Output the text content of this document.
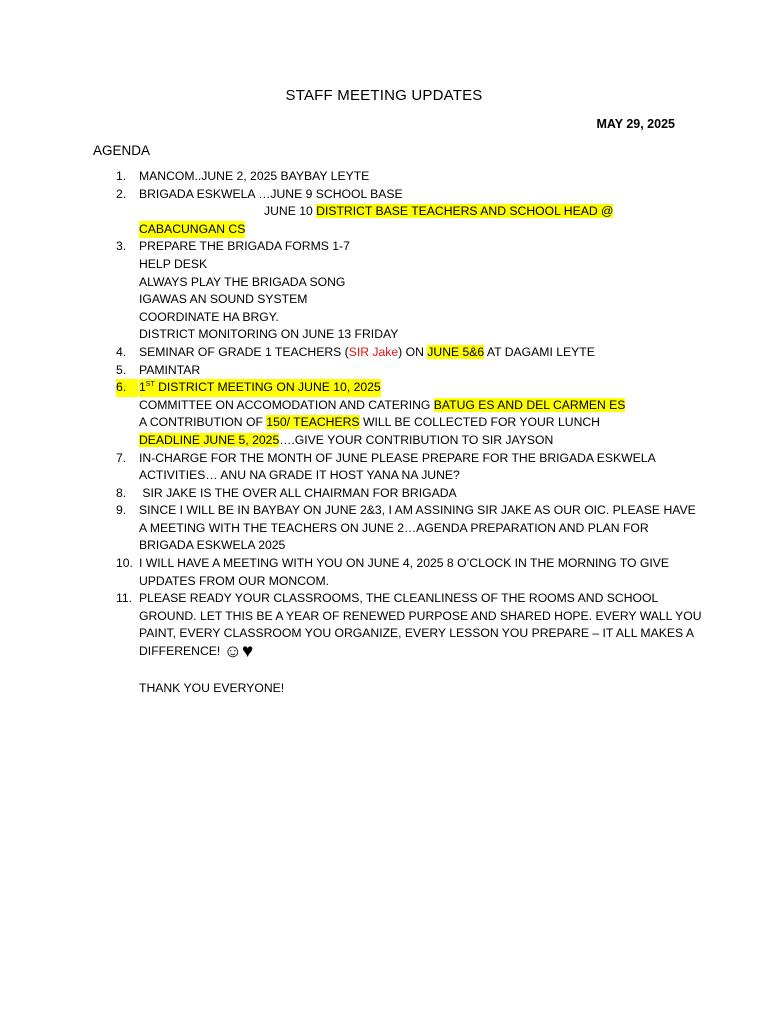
STAFF MEETING UPDATES
MAY 29, 2025
AGENDA
1. MANCOM..JUNE 2, 2025 BAYBAY LEYTE
2. BRIGADA ESKWELA …JUNE 9 SCHOOL BASE
JUNE 10 DISTRICT BASE TEACHERS AND SCHOOL HEAD @
CABACUNGAN CS
3. PREPARE THE BRIGADA FORMS 1-7
HELP DESK
ALWAYS PLAY THE BRIGADA SONG
IGAWAS AN SOUND SYSTEM
COORDINATE HA BRGY.
DISTRICT MONITORING ON JUNE 13 FRIDAY
4. SEMINAR OF GRADE 1 TEACHERS (SIR Jake) ON JUNE 5&6 AT DAGAMI LEYTE
5. PAMINTAR
6.	1ST DISTRICT MEETING ON JUNE 10, 2025
COMMITTEE ON ACCOMODATION AND CATERING BATUG ES AND DEL CARMEN ES
A CONTRIBUTION OF 150/ TEACHERS WILL BE COLLECTED FOR YOUR LUNCH
DEADLINE JUNE 5, 2025….GIVE YOUR CONTRIBUTION TO SIR JAYSON
7. IN-CHARGE FOR THE MONTH OF JUNE PLEASE PREPARE FOR THE BRIGADA ESKWELA
ACTIVITIES… ANU NA GRADE IT HOST YANA NA JUNE?
8. SIR JAKE IS THE OVER ALL CHAIRMAN FOR BRIGADA
9. SINCE I WILL BE IN BAYBAY ON JUNE 2&3, I AM ASSINING SIR JAKE AS OUR OIC. PLEASE HAVE
A MEETING WITH THE TEACHERS ON JUNE 2…AGENDA PREPARATION AND PLAN FOR
BRIGADA ESKWELA 2025
10. I WILL HAVE A MEETING WITH YOU ON JUNE 4, 2025 8 O’CLOCK IN THE MORNING TO GIVE
UPDATES FROM OUR MONCOM.
11. PLEASE READY YOUR CLASSROOMS, THE CLEANLINESS OF THE ROOMS AND SCHOOL
GROUND. LET THIS BE A YEAR OF RENEWED PURPOSE AND SHARED HOPE. EVERY WALL YOU
PAINT, EVERY CLASSROOM YOU ORGANIZE, EVERY LESSON YOU PREPARE – IT ALL MAKES A
DIFFERENCE! ☺♥
THANK YOU EVERYONE!
